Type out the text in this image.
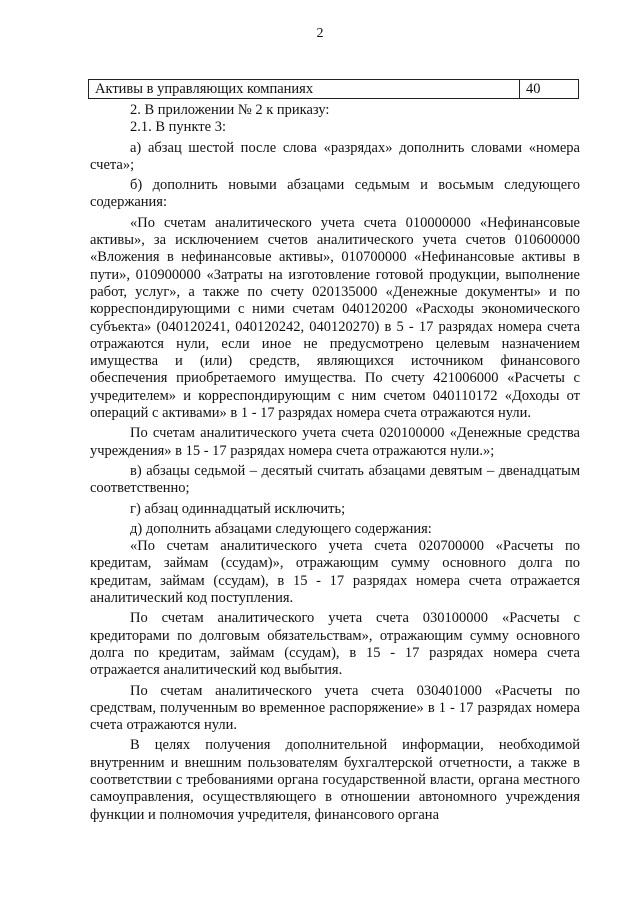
2
Активы в управляющих компаниях	40

2. В приложении № 2 к приказу:

2.1. В пункте 3:

а) абзац шестой после слова «разрядах» дополнить словами «номера счета»;

б) дополнить новыми абзацами седьмым и восьмым следующего содержания:

«По счетам аналитического учета счета 010000000 «Нефинансовые активы», за исключением счетов аналитического учета счетов 010600000 «Вложения в нефинансовые активы», 010700000 «Нефинансовые активы в пути», 010900000 «Затраты на изготовление готовой продукции, выполнение работ, услуг», а также по счету 020135000 «Денежные документы» и по корреспондирующими с ними счетам 040120200 «Расходы экономического субъекта» (040120241, 040120242, 040120270) в 5 - 17 разрядах номера счета отражаются нули, если иное не предусмотрено целевым назначением имущества и (или) средств, являющихся источником финансового обеспечения приобретаемого имущества. По счету 421006000 «Расчеты с учредителем» и корреспондирующим с ним счетом 040110172 «Доходы от операций с активами» в 1 - 17 разрядах номера счета отражаются нули.

По счетам аналитического учета счета 020100000 «Денежные средства учреждения» в 15 - 17 разрядах номера счета отражаются нули.»;

в) абзацы седьмой – десятый считать абзацами девятым – двенадцатым соответственно;

г) абзац одиннадцатый исключить;

д) дополнить абзацами следующего содержания:

«По счетам аналитического учета счета 020700000 «Расчеты по кредитам, займам (ссудам)», отражающим сумму основного долга по кредитам, займам (ссудам), в 15 - 17 разрядах номера счета отражается аналитический код поступления.

По счетам аналитического учета счета 030100000 «Расчеты с кредиторами по долговым обязательствам», отражающим сумму основного долга по кредитам, займам (ссудам), в 15 - 17 разрядах номера счета отражается аналитический код выбытия.

По счетам аналитического учета счета 030401000 «Расчеты по средствам, полученным во временное распоряжение» в 1 - 17 разрядах номера счета отражаются нули.

В целях получения дополнительной информации, необходимой внутренним и внешним пользователям бухгалтерской отчетности, а также в соответствии с требованиями органа государственной власти, органа местного самоуправления, осуществляющего в отношении автономного учреждения функции и полномочия учредителя, финансового органа
